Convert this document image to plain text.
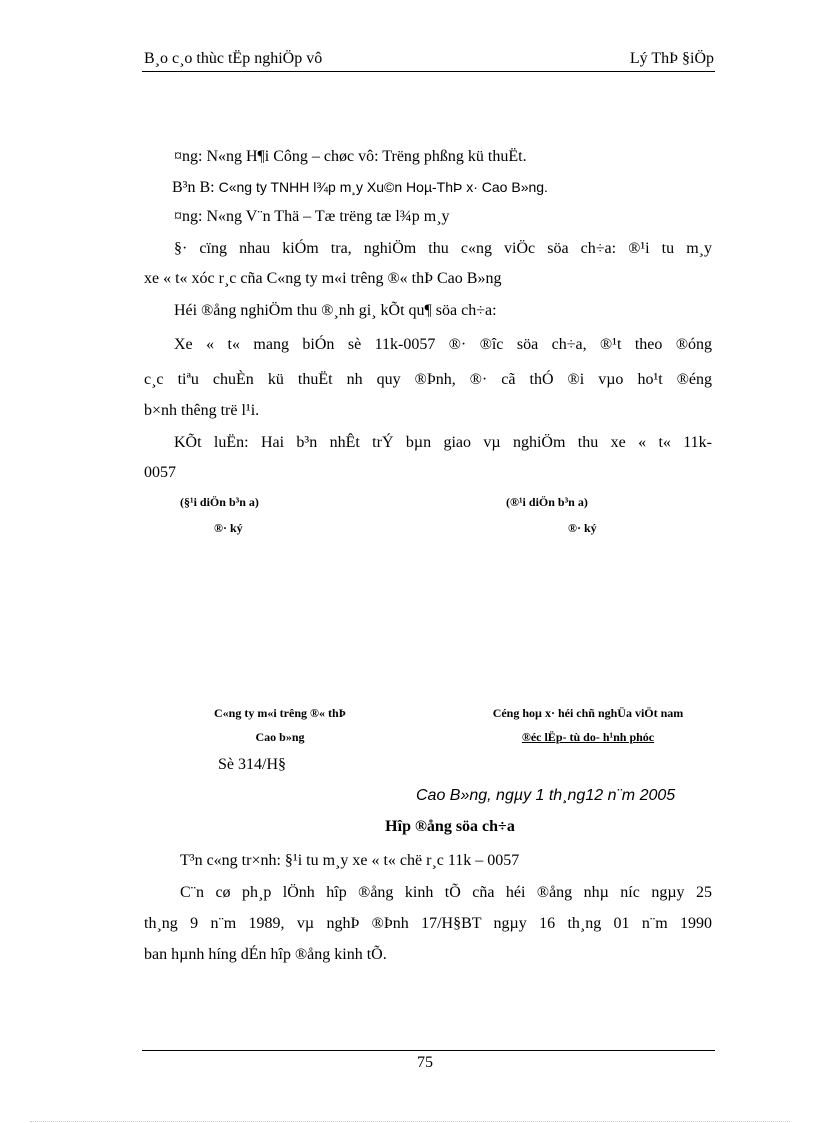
B¸o c¸o thùc tËp nghiÖp vô	Lý ThÞ §iÖp
¤ng: N«ng H¶i Công – chøc vô: Trëng phßng kü thuËt.
B³n B: C«ng ty TNHH l¾p m¸y Xu©n Hoµ-ThÞ x· Cao B»ng.
¤ng: N«ng V¨n Thä – Tæ trëng tæ l¾p m¸y
§· cïng nhau kiÓm tra, nghiÖm thu c«ng viÖc söa ch÷a: ®¹i tu m¸y
xe « t« xóc r¸c cña C«ng ty m«i trêng ®« thÞ Cao B»ng
Héi ®ång nghiÖm thu ®¸nh gi¸ kÕt qu¶ söa ch÷a:
Xe « t« mang biÓn sè 11k-0057 ®· ®îc söa ch÷a, ®¹t theo ®óng
c¸c tiªu chuÈn kü thuËt nh quy ®Þnh, ®· cã thÓ ®i vµo ho¹t ®éng
b×nh thêng trë l¹i.
KÕt luËn: Hai b³n nhÊt trÝ bµn giao vµ nghiÖm thu xe « t« 11k-
0057
(§¹i diÖn b³n a)
®· ký
(®¹i diÖn b³n a)
®· ký
C«ng ty m«i trêng ®« thÞ
Cao b»ng
Sè 314/H§
Céng hoµ x· héi chñ nghÜa viÖt nam
®éc lËp- tù do- h¹nh phóc
Cao B»ng, ngµy 1 th¸ng12 n¨m 2005
Hîp ®ång söa ch÷a
T³n c«ng tr×nh: §¹i tu m¸y xe « t« chë r¸c 11k – 0057
C¨n cø ph¸p lÖnh hîp ®ång kinh tÕ cña héi ®ång nhµ níc ngµy 25
th¸ng 9 n¨m 1989, vµ nghÞ ®Þnh 17/H§BT ngµy 16 th¸ng 01 n¨m 1990
ban hµnh híng dÉn hîp ®ång kinh tÕ.
75
